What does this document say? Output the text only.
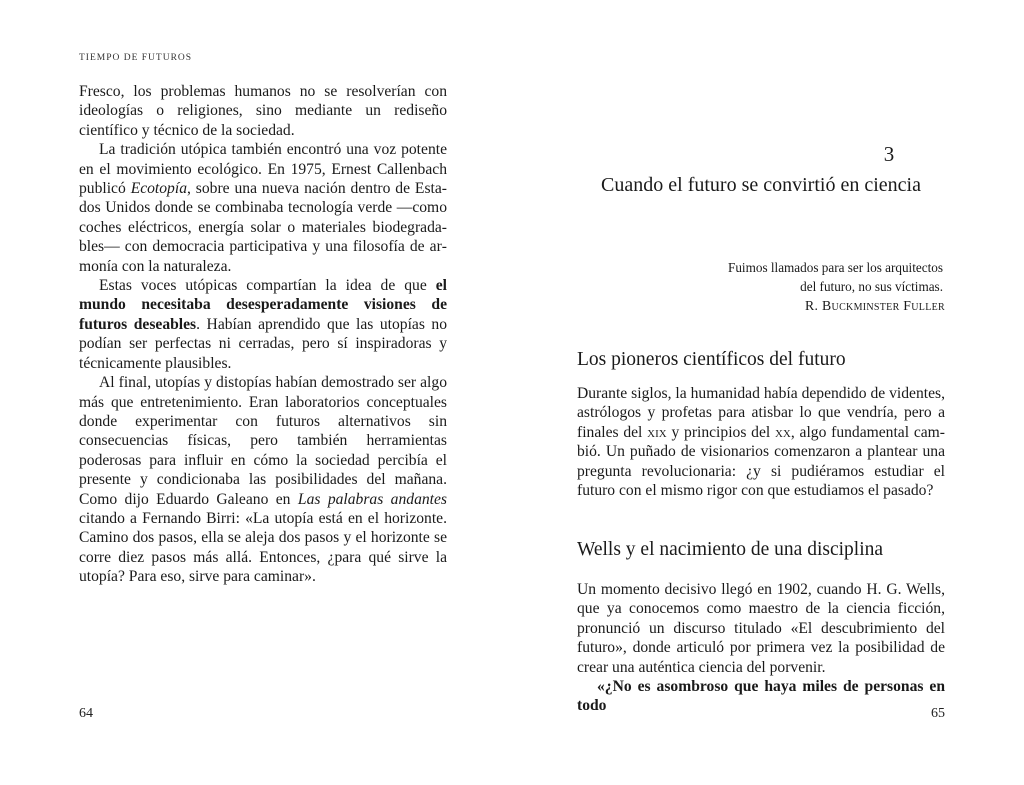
TIEMPO DE FUTUROS

Fresco, los problemas humanos no se resolverían con ideologías o religiones, sino mediante un rediseño científico y técnico de la sociedad.

La tradición utópica también encontró una voz potente en el movimiento ecológico. En 1975, Ernest Callenbach publicó Ecotopía, sobre una nueva nación dentro de Estados Unidos donde se combinaba tecnología verde —como coches eléctricos, energía solar o materiales biodegradables— con democracia participativa y una filosofía de armonía con la naturaleza.

Estas voces utópicas compartían la idea de que el mundo necesitaba desesperadamente visiones de futuros deseables. Habían aprendido que las utopías no podían ser perfectas ni cerradas, pero sí inspiradoras y técnicamente plausibles.

Al final, utopías y distopías habían demostrado ser algo más que entretenimiento. Eran laboratorios conceptuales donde experimentar con futuros alternativos sin consecuencias físicas, pero también herramientas poderosas para influir en cómo la sociedad percibía el presente y condicionaba las posibilidades del mañana. Como dijo Eduardo Galeano en Las palabras andantes citando a Fernando Birri: «La utopía está en el horizonte. Camino dos pasos, ella se aleja dos pasos y el horizonte se corre diez pasos más allá. Entonces, ¿para qué sirve la utopía? Para eso, sirve para caminar».

64
3
Cuando el futuro se convirtió en ciencia
Fuimos llamados para ser los arquitectos
del futuro, no sus víctimas.
R. Buckminster Fuller
Los pioneros científicos del futuro

Durante siglos, la humanidad había dependido de videntes, astrólogos y profetas para atisbar lo que vendría, pero a finales del xix y principios del xx, algo fundamental cambió. Un puñado de visionarios comenzaron a plantear una pregunta revolucionaria: ¿y si pudiéramos estudiar el futuro con el mismo rigor con que estudiamos el pasado?

Wells y el nacimiento de una disciplina

Un momento decisivo llegó en 1902, cuando H. G. Wells, que ya conocemos como maestro de la ciencia ficción, pronunció un discurso titulado «El descubrimiento del futuro», donde articuló por primera vez la posibilidad de crear una auténtica ciencia del porvenir.

«¿No es asombroso que haya miles de personas en todo	65
